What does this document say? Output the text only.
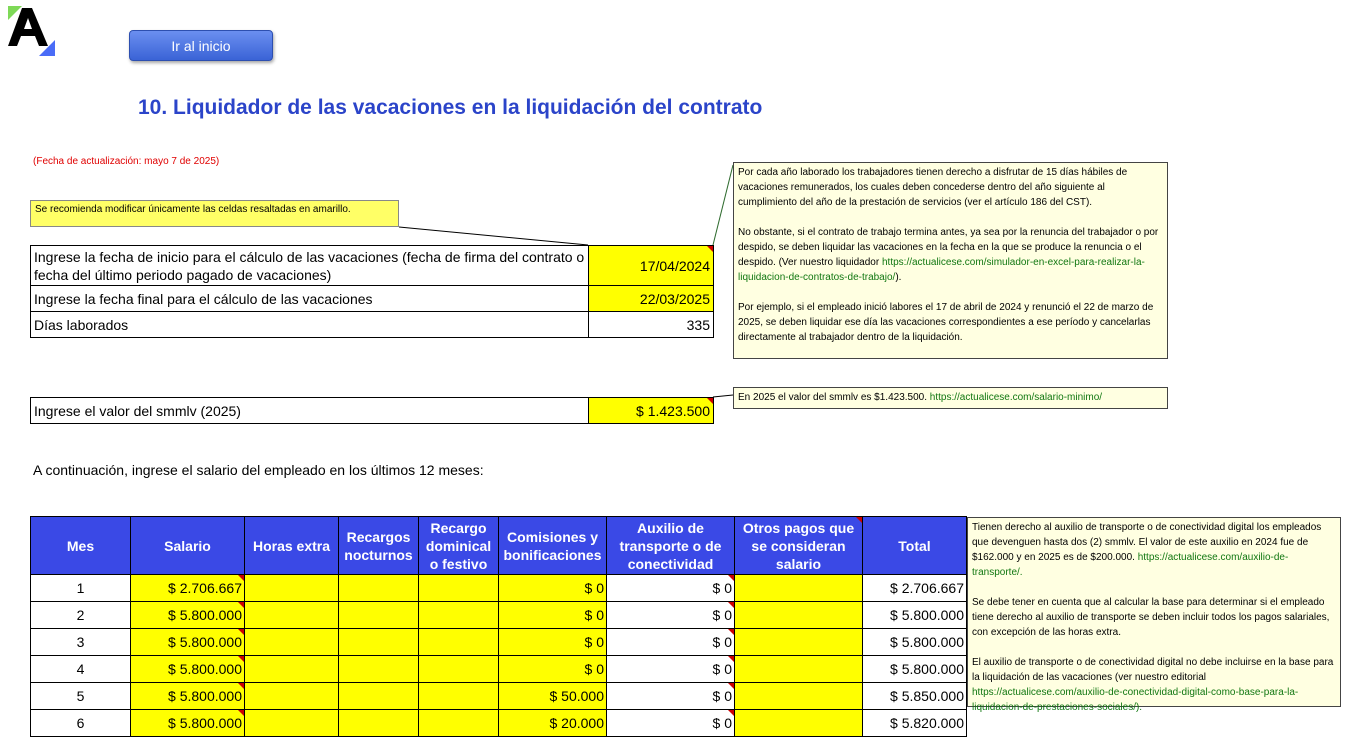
Ir al inicio
10. Liquidador de las vacaciones en la liquidación del contrato
(Fecha de actualización: mayo 7 de 2025)
Se recomienda modificar únicamente las celdas resaltadas en amarillo.
Ingrese la fecha de inicio para el cálculo de las vacaciones (fecha de firma del contrato o fecha del último periodo pagado de vacaciones)	17/04/2024
Ingrese la fecha final para el cálculo de las vacaciones	22/03/2025
Días laborados	335
Ingrese el valor del smmlv (2025)	$ 1.423.500

Por cada año laborado los trabajadores tienen derecho a disfrutar de 15 días hábiles de vacaciones remunerados, los cuales deben concederse dentro del año siguiente al cumplimiento del año de la prestación de servicios (ver el artículo 186 del CST).

No obstante, si el contrato de trabajo termina antes, ya sea por la renuncia del trabajador o por despido, se deben liquidar las vacaciones en la fecha en la que se produce la renuncia o el despido. (Ver nuestro liquidador https://actualicese.com/simulador-en-excel-para-realizar-la-liquidacion-de-contratos-de-trabajo/).

Por ejemplo, si el empleado inició labores el 17 de abril de 2024 y renunció el 22 de marzo de 2025, se deben liquidar ese día las vacaciones correspondientes a ese período y cancelarlas directamente al trabajador dentro de la liquidación.

En 2025 el valor del smmlv es $1.423.500. https://actualicese.com/salario-minimo/
A continuación, ingrese el salario del empleado en los últimos 12 meses:
Mes	Salario	Horas extra	Recargos nocturnos	Recargo dominical o festivo	Comisiones y bonificaciones	Auxilio de transporte o de conectividad	Otros pagos que se consideran salario	Total
1	$ 2.706.667				$ 0	$ 0		$ 2.706.667
2	$ 5.800.000				$ 0	$ 0		$ 5.800.000
3	$ 5.800.000				$ 0	$ 0		$ 5.800.000
4	$ 5.800.000				$ 0	$ 0		$ 5.800.000
5	$ 5.800.000				$ 50.000	$ 0		$ 5.850.000
6	$ 5.800.000				$ 20.000	$ 0		$ 5.820.000

Tienen derecho al auxilio de transporte o de conectividad digital los empleados que devenguen hasta dos (2) smmlv. El valor de este auxilio en 2024 fue de $162.000 y en 2025 es de $200.000. https://actualicese.com/auxilio-de-transporte/.

Se debe tener en cuenta que al calcular la base para determinar si el empleado tiene derecho al auxilio de transporte se deben incluir todos los pagos salariales, con excepción de las horas extra.

El auxilio de transporte o de conectividad digital no debe incluirse en la base para la liquidación de las vacaciones (ver nuestro editorial https://actualicese.com/auxilio-de-conectividad-digital-como-base-para-la-liquidacion-de-prestaciones-sociales/).
